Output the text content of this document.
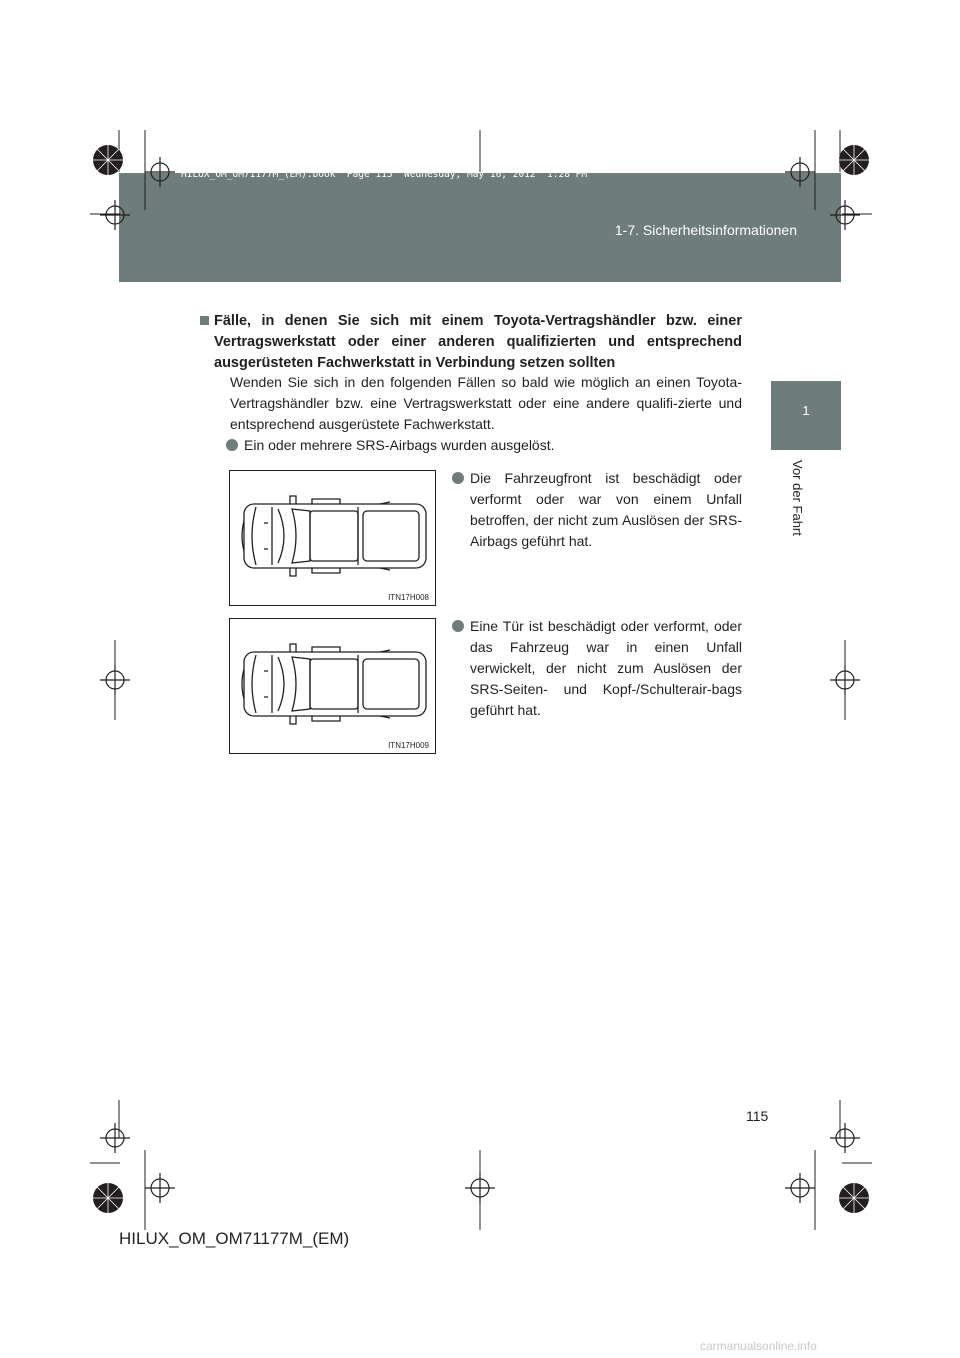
HILUX_OM_OM71177M_(EM).book  Page 115  Wednesday, May 16, 2012  1:28 PM
1-7. Sicherheitsinformationen
1
Vor der Fahrt
Fälle, in denen Sie sich mit einem Toyota-Vertragshändler bzw. einer Vertragswerkstatt oder einer anderen qualifizierten und entsprechend ausgerüsteten Fachwerkstatt in Verbindung setzen sollten
Wenden Sie sich in den folgenden Fällen so bald wie möglich an einen Toyota-Vertragshändler bzw. eine Vertragswerkstatt oder eine andere qualifi-zierte und entsprechend ausgerüstete Fachwerkstatt.
Ein oder mehrere SRS-Airbags wurden ausgelöst.
Die Fahrzeugfront ist beschädigt oder verformt oder war von einem Unfall betroffen, der nicht zum Auslösen der SRS-Airbags geführt hat.
Eine Tür ist beschädigt oder verformt, oder das Fahrzeug war in einen Unfall verwickelt, der nicht zum Auslösen der SRS-Seiten- und Kopf-/Schulterair-bags geführt hat.
ITN17H008
ITN17H009
115
HILUX_OM_OM71177M_(EM)
carmanualsonline.info
